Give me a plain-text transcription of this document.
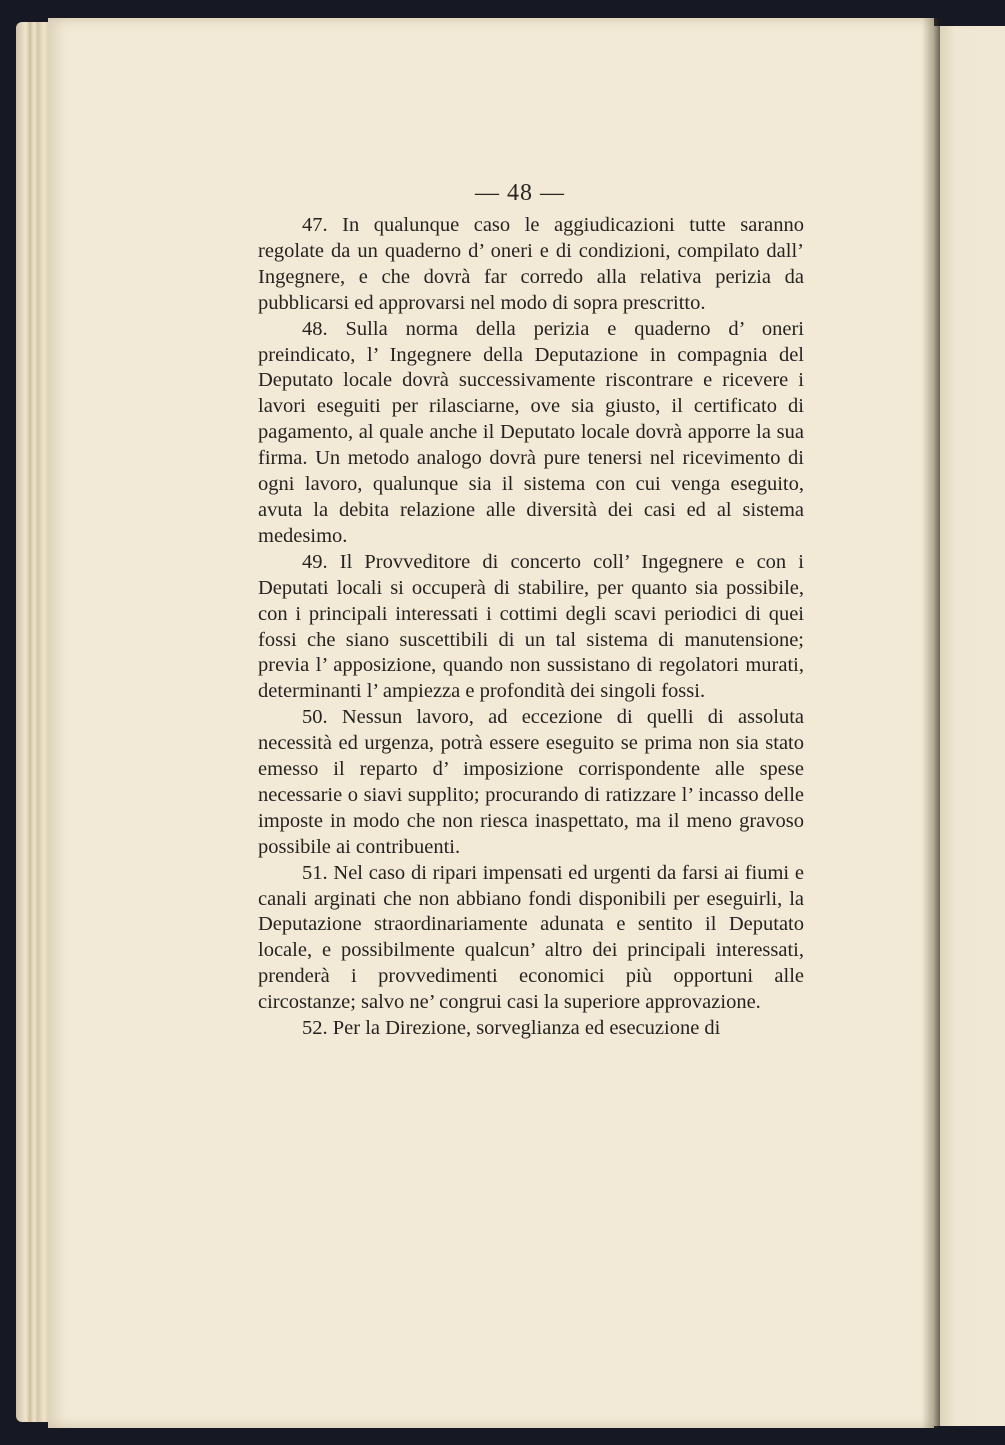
— 48 —

47. In qualunque caso le aggiudicazioni tutte saranno regolate da un quaderno d’ oneri e di condizioni, compilato dall’ Ingegnere, e che dovrà far corredo alla relativa perizia da pubblicarsi ed approvarsi nel modo di sopra prescritto.

48. Sulla norma della perizia e quaderno d’ oneri preindicato, l’ Ingegnere della Deputazione in compagnia del Deputato locale dovrà successivamente riscontrare e ricevere i lavori eseguiti per rilasciarne, ove sia giusto, il certificato di pagamento, al quale anche il Deputato locale dovrà apporre la sua firma. Un metodo analogo dovrà pure tenersi nel ricevimento di ogni lavoro, qualunque sia il sistema con cui venga eseguito, avuta la debita relazione alle diversità dei casi ed al sistema medesimo.

49. Il Provveditore di concerto coll’ Ingegnere e con i Deputati locali si occuperà di stabilire, per quanto sia possibile, con i principali interessati i cottimi degli scavi periodici di quei fossi che siano suscettibili di un tal sistema di manutensione; previa l’ apposizione, quando non sussistano di regolatori murati, determinanti l’ ampiezza e profondità dei singoli fossi.

50. Nessun lavoro, ad eccezione di quelli di assoluta necessità ed urgenza, potrà essere eseguito se prima non sia stato emesso il reparto d’ imposizione corrispondente alle spese necessarie o siavi supplito; procurando di ratizzare l’ incasso delle imposte in modo che non riesca inaspettato, ma il meno gravoso possibile ai contribuenti.

51. Nel caso di ripari impensati ed urgenti da farsi ai fiumi e canali arginati che non abbiano fondi disponibili per eseguirli, la Deputazione straordinariamente adunata e sentito il Deputato locale, e possibilmente qualcun’ altro dei principali interessati, prenderà i provvedimenti economici più opportuni alle circostanze; salvo ne’ congrui casi la superiore approvazione.

52. Per la Direzione, sorveglianza ed esecuzione di
